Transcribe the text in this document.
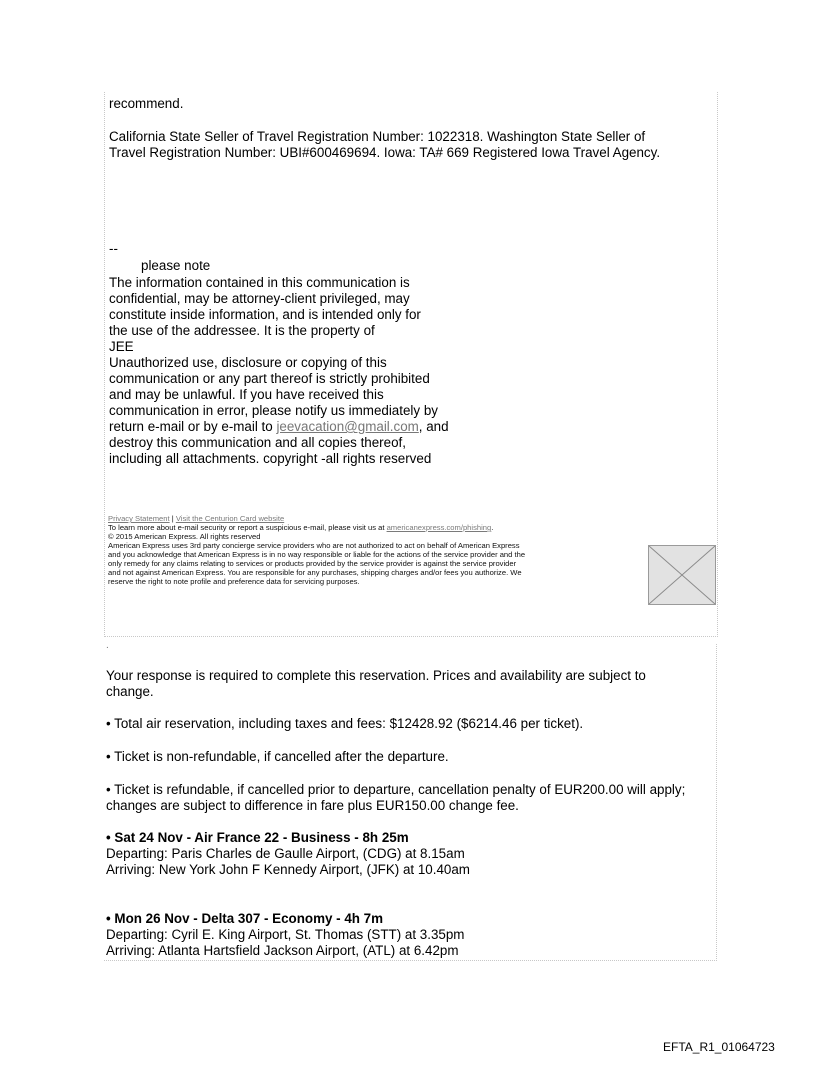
recommend.
California State Seller of Travel Registration Number: 1022318. Washington State Seller of
Travel Registration Number: UBI#600469694. Iowa: TA# 669 Registered Iowa Travel Agency.
--
please note
The information contained in this communication is
confidential, may be attorney-client privileged, may
constitute inside information, and is intended only for
the use of the addressee. It is the property of
JEE
Unauthorized use, disclosure or copying of this
communication or any part thereof is strictly prohibited
and may be unlawful. If you have received this
communication in error, please notify us immediately by
return e-mail or by e-mail to jeevacation@gmail.com, and
destroy this communication and all copies thereof,
including all attachments. copyright -all rights reserved
Privacy Statement | Visit the Centurion Card website
To learn more about e-mail security or report a suspicious e-mail, please visit us at americanexpress.com/phishing.
© 2015 American Express. All rights reserved
American Express uses 3rd party concierge service providers who are not authorized to act on behalf of American Express
and you acknowledge that American Express is in no way responsible or liable for the actions of the service provider and the
only remedy for any claims relating to services or products provided by the service provider is against the service provider
and not against American Express. You are responsible for any purchases, shipping charges and/or fees you authorize. We
reserve the right to note profile and preference data for servicing purposes.
.
Your response is required to complete this reservation. Prices and availability are subject to
change.
• Total air reservation, including taxes and fees: $12428.92 ($6214.46 per ticket).
• Ticket is non-refundable, if cancelled after the departure.
• Ticket is refundable, if cancelled prior to departure, cancellation penalty of EUR200.00 will apply;
changes are subject to difference in fare plus EUR150.00 change fee.
• Sat 24 Nov - Air France 22 - Business - 8h 25m
Departing: Paris Charles de Gaulle Airport, (CDG) at 8.15am
Arriving: New York John F Kennedy Airport, (JFK) at 10.40am
• Mon 26 Nov - Delta 307 - Economy - 4h 7m
Departing: Cyril E. King Airport, St. Thomas (STT) at 3.35pm
Arriving: Atlanta Hartsfield Jackson Airport, (ATL) at 6.42pm
EFTA_R1_01064723
